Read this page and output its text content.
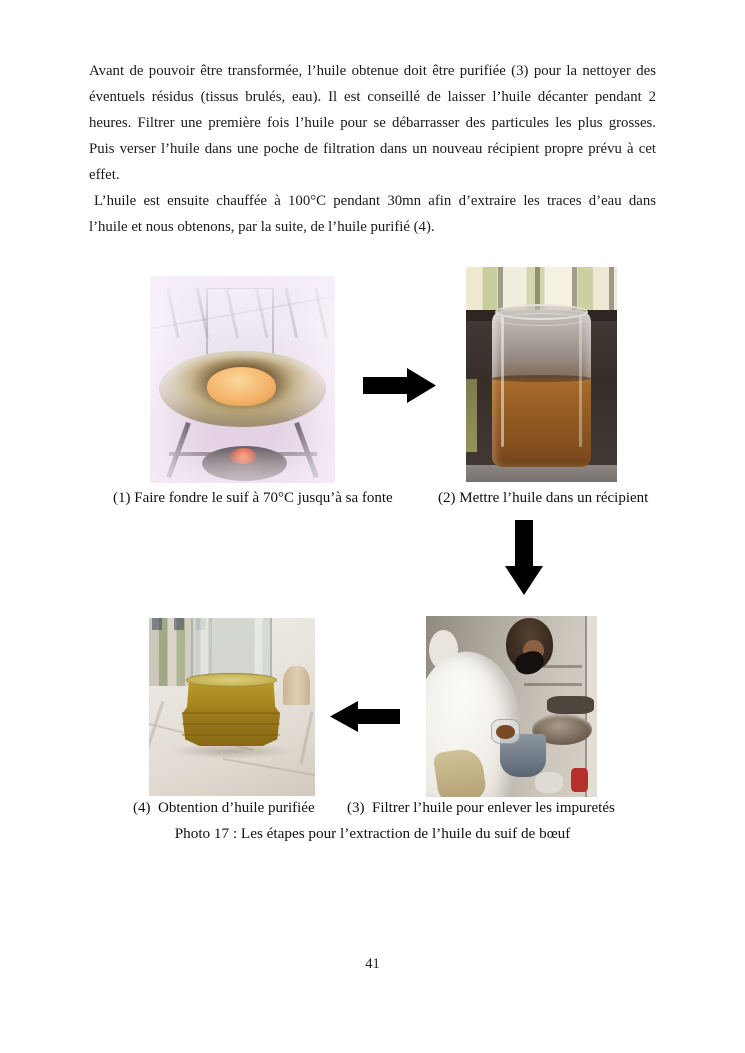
Avant de pouvoir être transformée, l’huile obtenue doit être purifiée (3) pour la nettoyer des
éventuels résidus (tissus brulés, eau). Il est conseillé de laisser l’huile décanter pendant 2
heures. Filtrer une première fois l’huile pour se débarrasser des particules les plus grosses.
Puis verser l’huile dans une poche de filtration dans un nouveau récipient propre prévu à cet
effet.
L’huile est ensuite chauffée à 100°C pendant 30mn afin d’extraire les traces d’eau dans
l’huile et nous obtenons, par la suite, de l’huile purifié (4).
(1) Faire fondre le suif à 70°C jusqu’à sa fonte	(2) Mettre l’huile dans un récipient
(4)  Obtention d’huile purifiée (3)  Filtrer l’huile pour enlever les impuretés
Photo 17 : Les étapes pour l’extraction de l’huile du suif de bœuf
41
